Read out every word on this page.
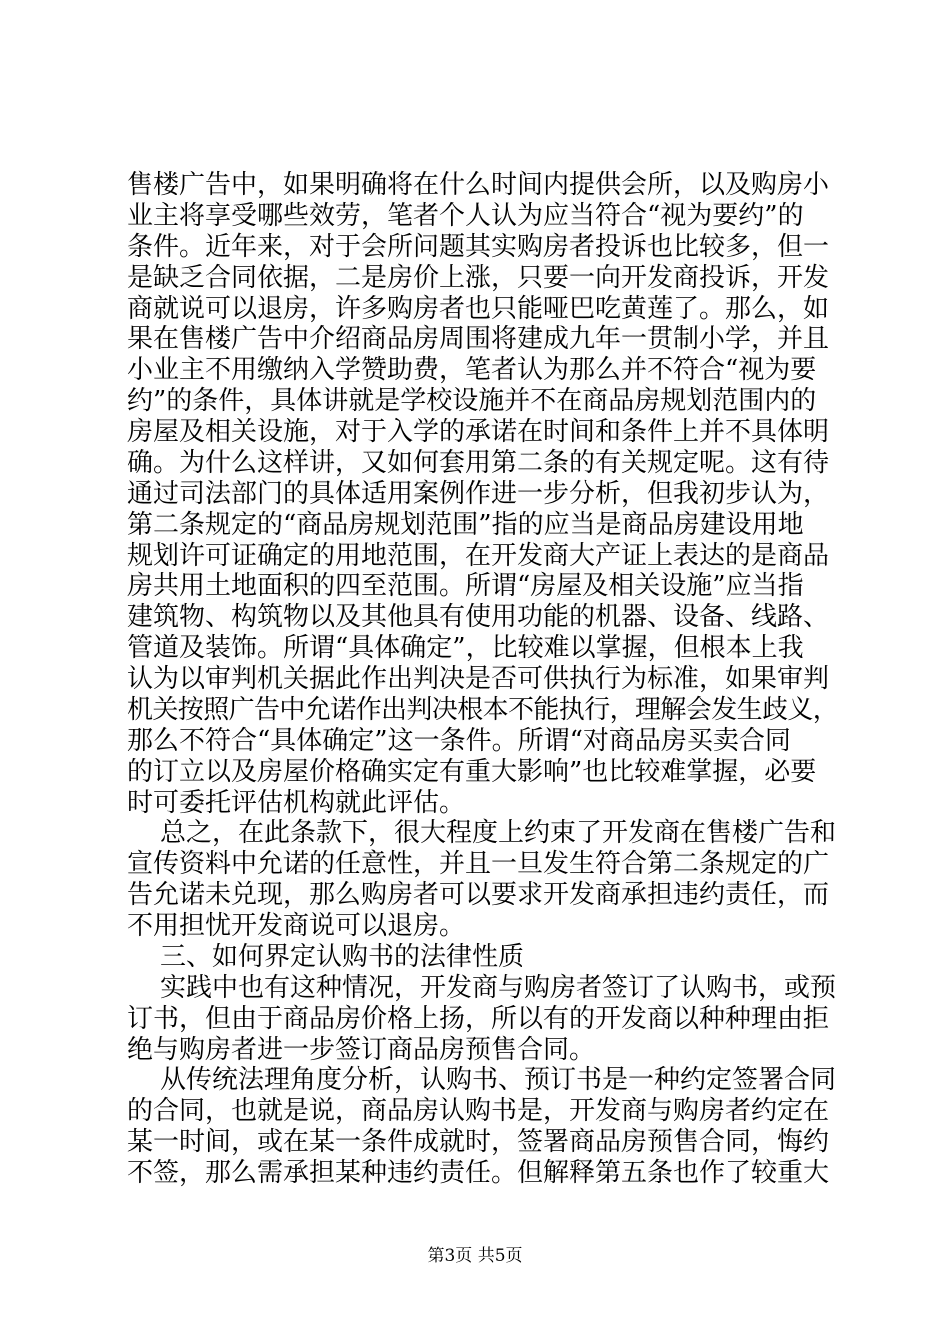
售楼广告中，如果明确将在什么时间内提供会所，以及购房小
业主将享受哪些效劳，笔者个人认为应当符合“视为要约”的
条件。近年来，对于会所问题其实购房者投诉也比较多，但一
是缺乏合同依据，二是房价上涨，只要一向开发商投诉，开发
商就说可以退房，许多购房者也只能哑巴吃黄莲了。那么，如
果在售楼广告中介绍商品房周围将建成九年一贯制小学，并且
小业主不用缴纳入学赞助费，笔者认为那么并不符合“视为要
约”的条件，具体讲就是学校设施并不在商品房规划范围内的
房屋及相关设施，对于入学的承诺在时间和条件上并不具体明
确。为什么这样讲，又如何套用第二条的有关规定呢。这有待
通过司法部门的具体适用案例作进一步分析，但我初步认为，
第二条规定的“商品房规划范围”指的应当是商品房建设用地
规划许可证确定的用地范围，在开发商大产证上表达的是商品
房共用土地面积的四至范围。所谓“房屋及相关设施”应当指
建筑物、构筑物以及其他具有使用功能的机器、设备、线路、
管道及装饰。所谓“具体确定”，比较难以掌握，但根本上我
认为以审判机关据此作出判决是否可供执行为标准，如果审判
机关按照广告中允诺作出判决根本不能执行，理解会发生歧义，
那么不符合“具体确定”这一条件。所谓“对商品房买卖合同
的订立以及房屋价格确实定有重大影响”也比较难掌握，必要
时可委托评估机构就此评估。
总之，在此条款下，很大程度上约束了开发商在售楼广告和
宣传资料中允诺的任意性，并且一旦发生符合第二条规定的广
告允诺未兑现，那么购房者可以要求开发商承担违约责任，而
不用担忧开发商说可以退房。
三、如何界定认购书的法律性质
实践中也有这种情况，开发商与购房者签订了认购书，或预
订书，但由于商品房价格上扬，所以有的开发商以种种理由拒
绝与购房者进一步签订商品房预售合同。
从传统法理角度分析，认购书、预订书是一种约定签署合同
的合同，也就是说，商品房认购书是，开发商与购房者约定在
某一时间，或在某一条件成就时，签署商品房预售合同，悔约
不签，那么需承担某种违约责任。但解释第五条也作了较重大
第3页 共5页
